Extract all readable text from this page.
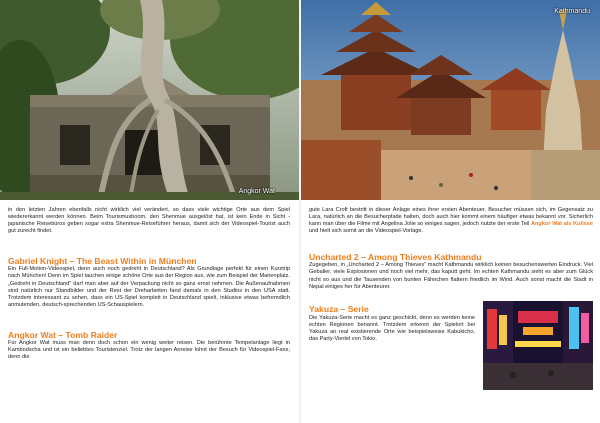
Angkor Wat
Kathmandu

in den letzten Jahren ebenfalls nicht wirklich viel verändert, so dass viele wichtige Orte aus dem Spiel wiedererkannt werden können. Beim Tourismusboom, den Shenmue ausgelöst hat, ist kein Ende in Sicht - japanische Reisebüros geben sogar extra Shenmue-Reiseführer heraus, damit sich der Videospiel-Tourist auch gut zurecht findet.

Gabriel Knight – The Beast Within in München

Ein Full-Motion-Videospiel, denn auch noch gedreht in Deutschland? Als Grundlage perfekt für einen Kurztrip nach München! Denn im Spiel tauchen einige schöne Orte aus der Region aus, wie zum Beispiel der Marienplatz. „Gedreht in Deutschland" darf man aber auf der Verpackung nicht so ganz ernst nehmen. Die Außenaufnahmen sind natürlich nur Standbilder und der Rest der Dreharbeiten fand damals in den Studios in den USA statt. Trotzdem interessant zu sehen, dass ein US-Spiel komplett in Deutschland spielt, inklusive etwas befremdlich anmutenden, deutsch-sprechenden US-Schauspielern.

Angkor Wat – Tomb Raider

Für Angkor Wat muss man denn doch schon ein wenig weiter reisen. Die berühmte Tempelanlage liegt in Kambodscha und ist ein beliebtes Touristenziel. Trotz der langen Anreise lohnt der Besuch für Videospiel-Fans, denn die

gute Lara Croft bestritt in dieser Anlage eines ihrer ersten Abenteuer. Besucher müssen sich, im Gegensatz zu Lara, natürlich an die Besucherpfade halten, doch auch hier kommt einem häufiger etwas bekannt vor. Sicherlich kann man über die Filme mit Angelina Jolie so einiges sagen, jedoch nutzte der erste Teil Angkor Wat als Kulisse und hielt sich somit an die Videospiel-Vorlage.

Uncharted 2 – Among Thieves Kathmandu

Zugegeben, in „Uncharted 2 – Among Thieves" macht Kathmandu wirklich keinen besuchenswerten Eindruck. Viel Geballer, viele Explosionen und noch viel mehr, das kaputt geht. Im echten Kathmandu sieht es aber zum Glück nicht so aus und die Tausenden von bunten Fähnchen flattern friedlich im Wind. Auch sonst macht die Stadt in Nepal einiges her für Abenteurer.

Yakuza – Serie

Die Yakuza-Serie macht es ganz geschickt, denn es werden keine echten Regionen benannt. Trotzdem erkennt der Spielort bei Yakuza an real existierende Orte wie beispielsweise Kabukicho, das Party-Viertel von Tokio.
